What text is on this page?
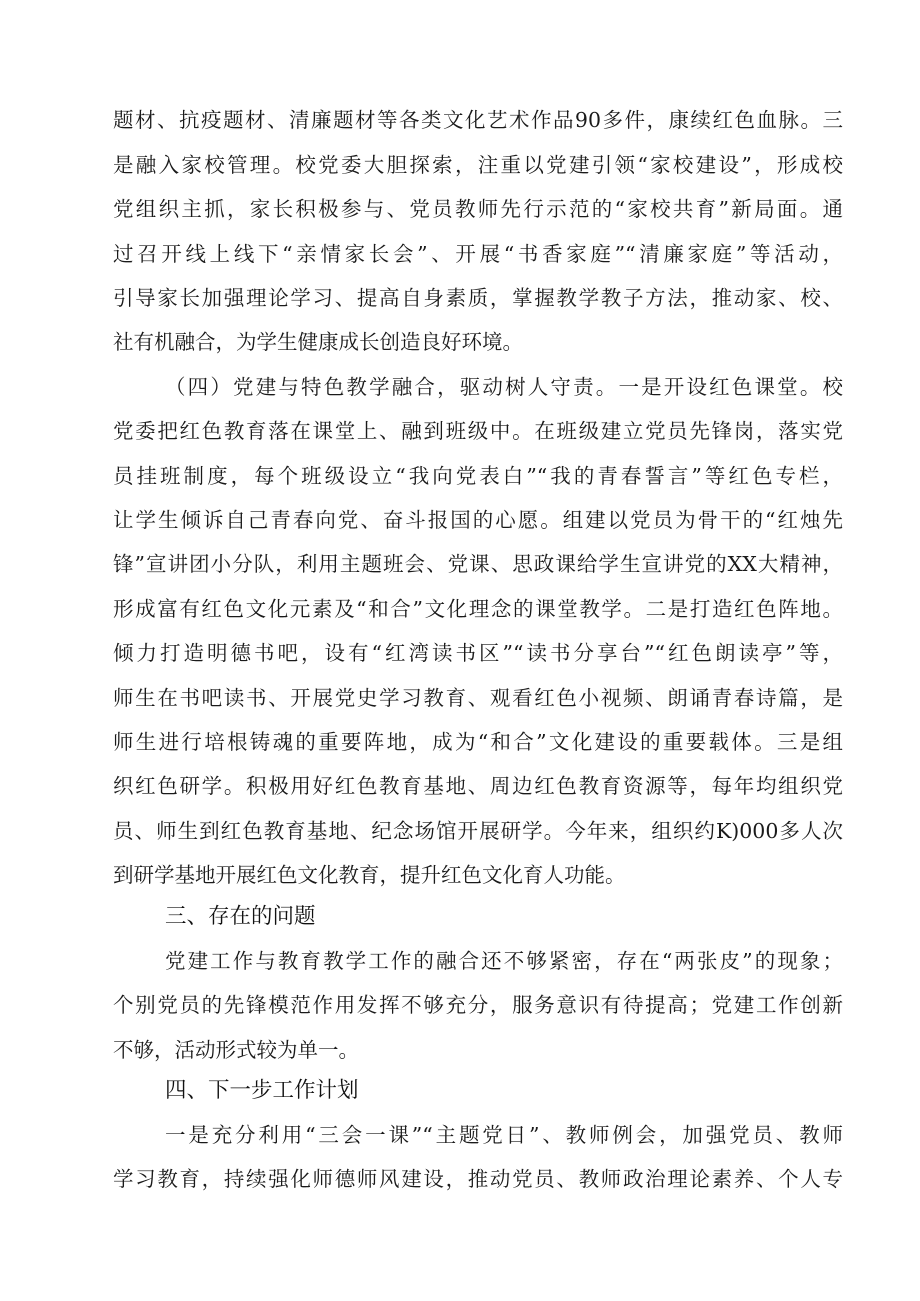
题材、抗疫题材、清廉题材等各类文化艺术作品90多件，康续红色血脉。三
是融入家校管理。校党委大胆探索，注重以党建引领“家校建设”，形成校
党组织主抓，家长积极参与、党员教师先行示范的“家校共育”新局面。通
过召开线上线下“亲情家长会”、开展“书香家庭”“清廉家庭”等活动，
引导家长加强理论学习、提高自身素质，掌握教学教子方法，推动家、校、
社有机融合，为学生健康成长创造良好环境。
（四）党建与特色教学融合，驱动树人守责。一是开设红色课堂。校
党委把红色教育落在课堂上、融到班级中。在班级建立党员先锋岗，落实党
员挂班制度，每个班级设立“我向党表白”“我的青春誓言”等红色专栏，
让学生倾诉自己青春向党、奋斗报国的心愿。组建以党员为骨干的“红烛先
锋”宣讲团小分队，利用主题班会、党课、思政课给学生宣讲党的XX大精神，
形成富有红色文化元素及“和合”文化理念的课堂教学。二是打造红色阵地。
倾力打造明德书吧，设有“红湾读书区”“读书分享台”“红色朗读亭”等，
师生在书吧读书、开展党史学习教育、观看红色小视频、朗诵青春诗篇，是
师生进行培根铸魂的重要阵地，成为“和合”文化建设的重要载体。三是组
织红色研学。积极用好红色教育基地、周边红色教育资源等，每年均组织党
员、师生到红色教育基地、纪念场馆开展研学。今年来，组织约K)000多人次
到研学基地开展红色文化教育，提升红色文化育人功能。
三、存在的问题
党建工作与教育教学工作的融合还不够紧密，存在“两张皮”的现象；
个别党员的先锋模范作用发挥不够充分，服务意识有待提高；党建工作创新
不够，活动形式较为单一。
四、下一步工作计划
一是充分利用“三会一课”“主题党日”、教师例会，加强党员、教师
学习教育，持续强化师德师风建设，推动党员、教师政治理论素养、个人专
